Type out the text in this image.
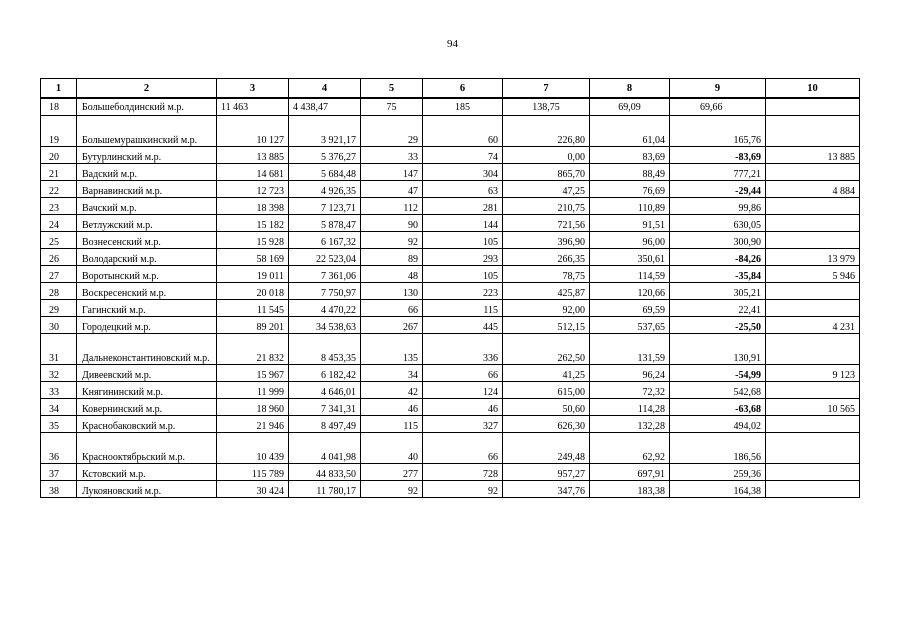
94
1	2	3	4	5	6	7	8	9	10
18	Большеболдинский м.р.	11 463	4 438,47	75	185	138,75	69,09	69,66	
19	Большемурашкинский м.р.	10 127	3 921,17	29	60	226,80	61,04	165,76	
20	Бутурлинский м.р.	13 885	5 376,27	33	74	0,00	83,69	-83,69	13 885
21	Вадский м.р.	14 681	5 684,48	147	304	865,70	88,49	777,21	
22	Варнавинский м.р.	12 723	4 926,35	47	63	47,25	76,69	-29,44	4 884
23	Вачский м.р.	18 398	7 123,71	112	281	210,75	110,89	99,86	
24	Ветлужский м.р.	15 182	5 878,47	90	144	721,56	91,51	630,05	
25	Вознесенский м.р.	15 928	6 167,32	92	105	396,90	96,00	300,90	
26	Володарский м.р.	58 169	22 523,04	89	293	266,35	350,61	-84,26	13 979
27	Воротынский м.р.	19 011	7 361,06	48	105	78,75	114,59	-35,84	5 946
28	Воскресенский м.р.	20 018	7 750,97	130	223	425,87	120,66	305,21	
29	Гагинский м.р.	11 545	4 470,22	66	115	92,00	69,59	22,41	
30	Городецкий м.р.	89 201	34 538,63	267	445	512,15	537,65	-25,50	4 231
31	Дальнеконстантиновский м.р.	21 832	8 453,35	135	336	262,50	131,59	130,91	
32	Дивеевский м.р.	15 967	6 182,42	34	66	41,25	96,24	-54,99	9 123
33	Княгининский м.р.	11 999	4 646,01	42	124	615,00	72,32	542,68	
34	Ковернинский м.р.	18 960	7 341,31	46	46	50,60	114,28	-63,68	10 565
35	Краснобаковский м.р.	21 946	8 497,49	115	327	626,30	132,28	494,02	
36	Краснооктябрьский м.р.	10 439	4 041,98	40	66	249,48	62,92	186,56	
37	Кстовский м.р.	115 789	44 833,50	277	728	957,27	697,91	259,36	
38	Лукояновский м.р.	30 424	11 780,17	92	92	347,76	183,38	164,38	
